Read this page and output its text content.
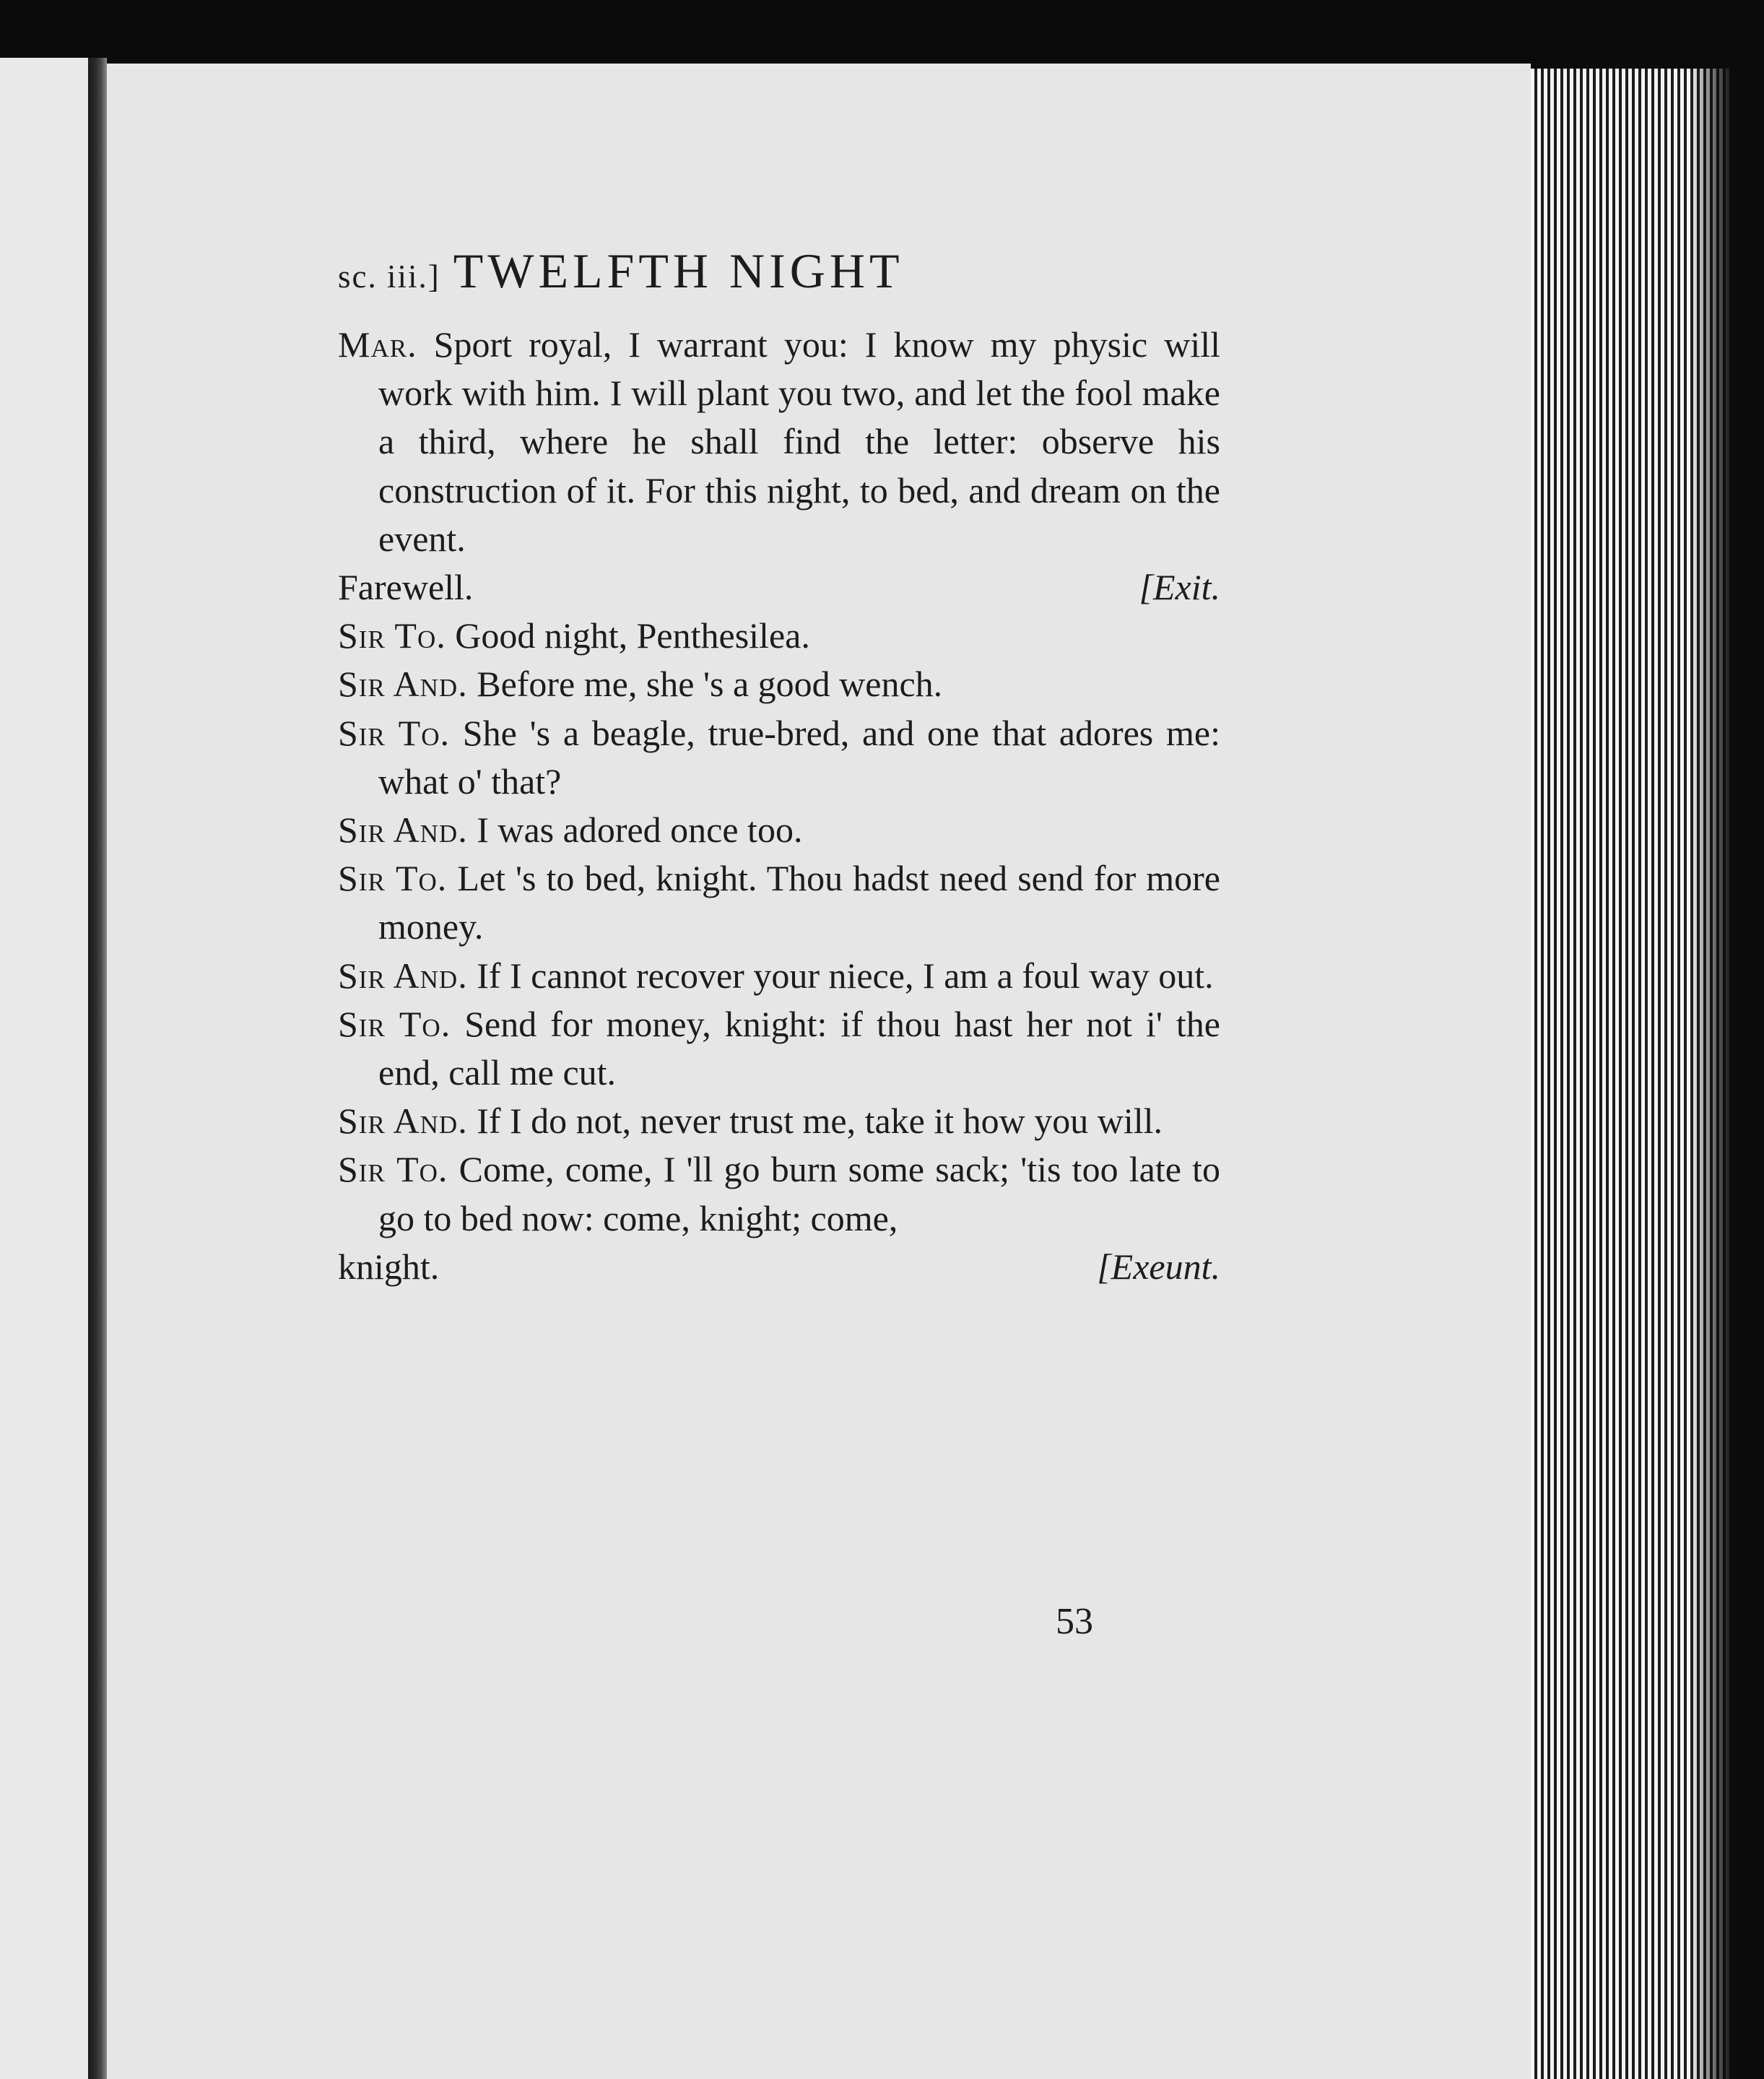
sc. iii.] TWELFTH NIGHT
Mar. Sport royal, I warrant you: I know my physic will work with him. I will plant you two, and let the fool make a third, where he shall find the letter: observe his construction of it. For this night, to bed, and dream on the event.
Farewell.	[Exit.
Sir To. Good night, Penthesilea.
Sir And. Before me, she 's a good wench.
Sir To. She 's a beagle, true-bred, and one that adores me: what o' that?
Sir And. I was adored once too.
Sir To. Let 's to bed, knight. Thou hadst need send for more money.
Sir And. If I cannot recover your niece, I am a foul way out.
Sir To. Send for money, knight: if thou hast her not i' the end, call me cut.
Sir And. If I do not, never trust me, take it how you will.
Sir To. Come, come, I 'll go burn some sack; 'tis too late to go to bed now: come, knight; come,
knight.	[Exeunt.
53
